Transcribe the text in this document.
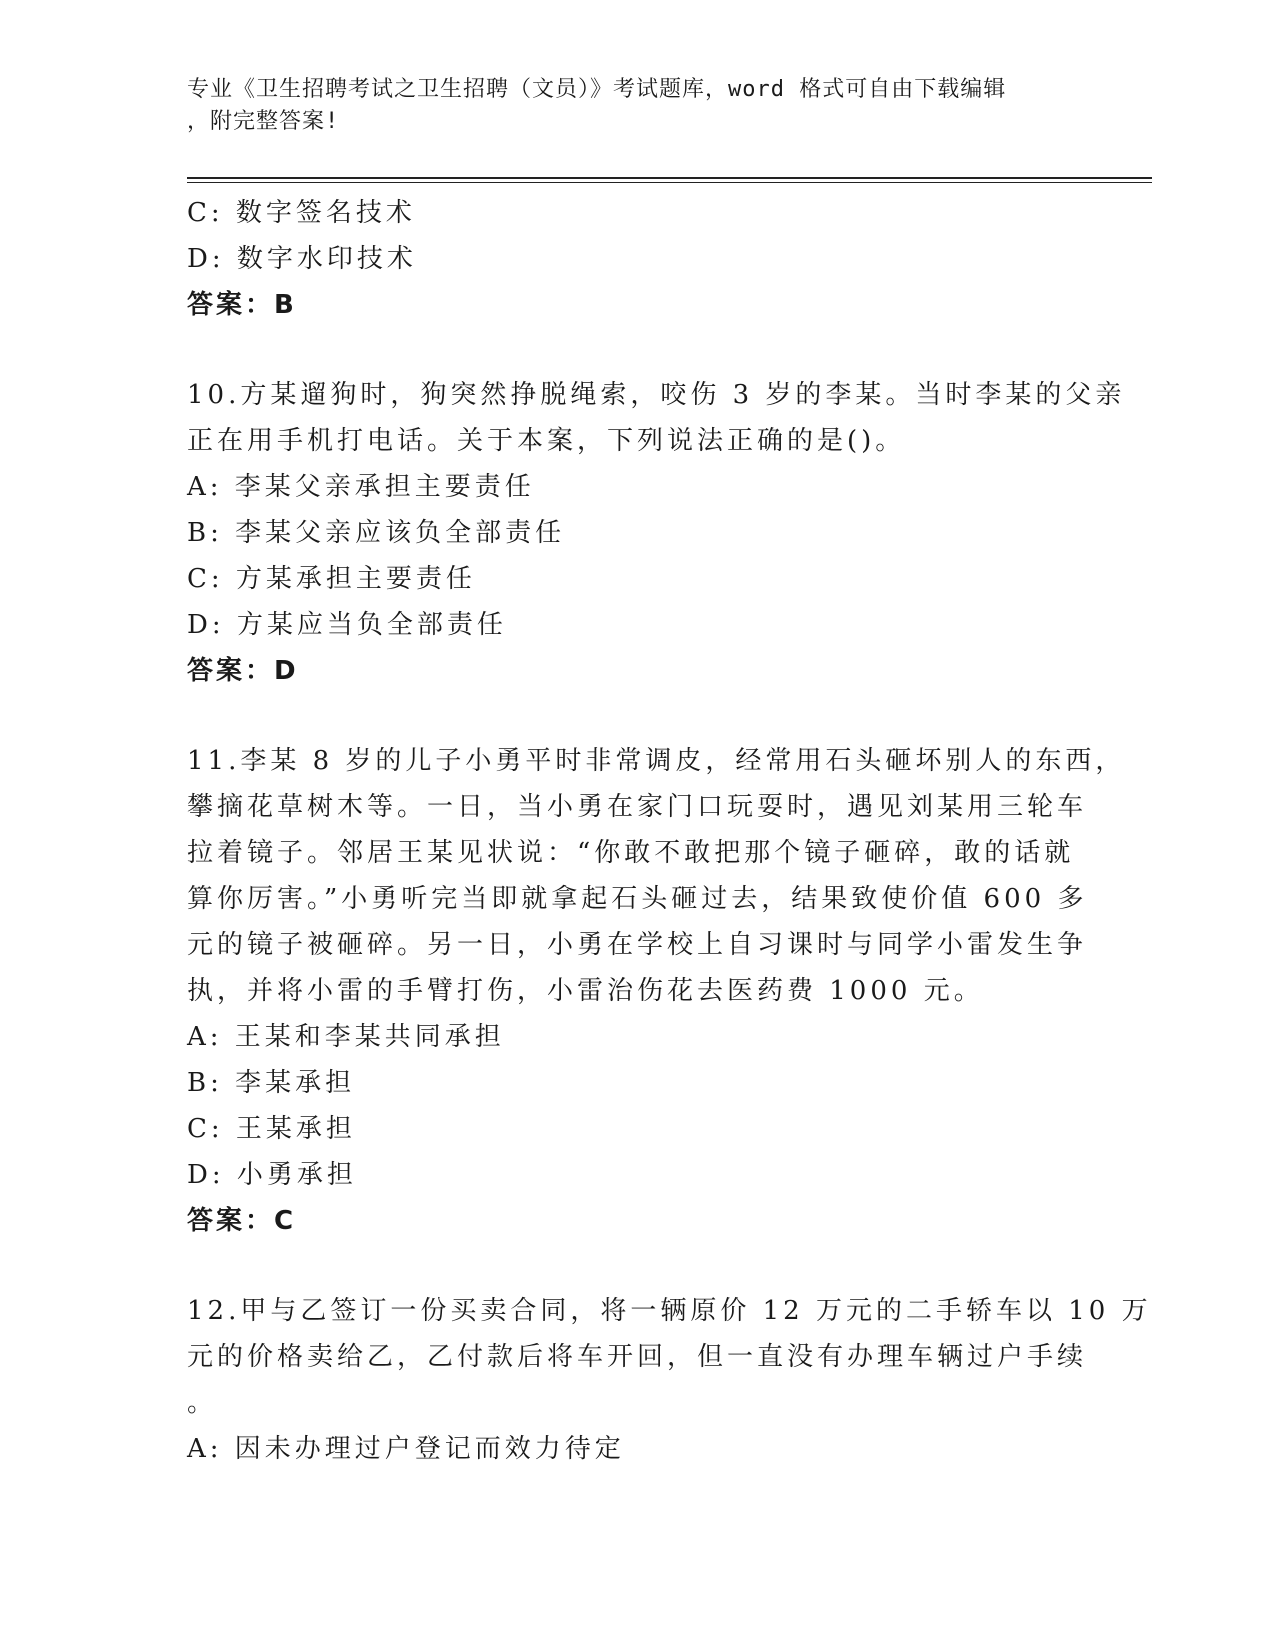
专业《卫生招聘考试之卫生招聘（文员）》考试题库，word 格式可自由下载编辑
，附完整答案!
C: 数字签名技术
D: 数字水印技术
答案：B
10.方某遛狗时，狗突然挣脱绳索，咬伤 3 岁的李某。当时李某的父亲
正在用手机打电话。关于本案，下列说法正确的是()。
A: 李某父亲承担主要责任
B: 李某父亲应该负全部责任
C: 方某承担主要责任
D: 方某应当负全部责任
答案：D
11.李某 8 岁的儿子小勇平时非常调皮，经常用石头砸坏别人的东西，
攀摘花草树木等。一日，当小勇在家门口玩耍时，遇见刘某用三轮车
拉着镜子。邻居王某见状说：“你敢不敢把那个镜子砸碎，敢的话就
算你厉害。”小勇听完当即就拿起石头砸过去，结果致使价值 600 多
元的镜子被砸碎。另一日，小勇在学校上自习课时与同学小雷发生争
执，并将小雷的手臂打伤，小雷治伤花去医药费 1000 元。
A: 王某和李某共同承担
B: 李某承担
C: 王某承担
D: 小勇承担
答案：C
12.甲与乙签订一份买卖合同，将一辆原价 12 万元的二手轿车以 10 万
元的价格卖给乙，乙付款后将车开回，但一直没有办理车辆过户手续
。
A: 因未办理过户登记而效力待定
